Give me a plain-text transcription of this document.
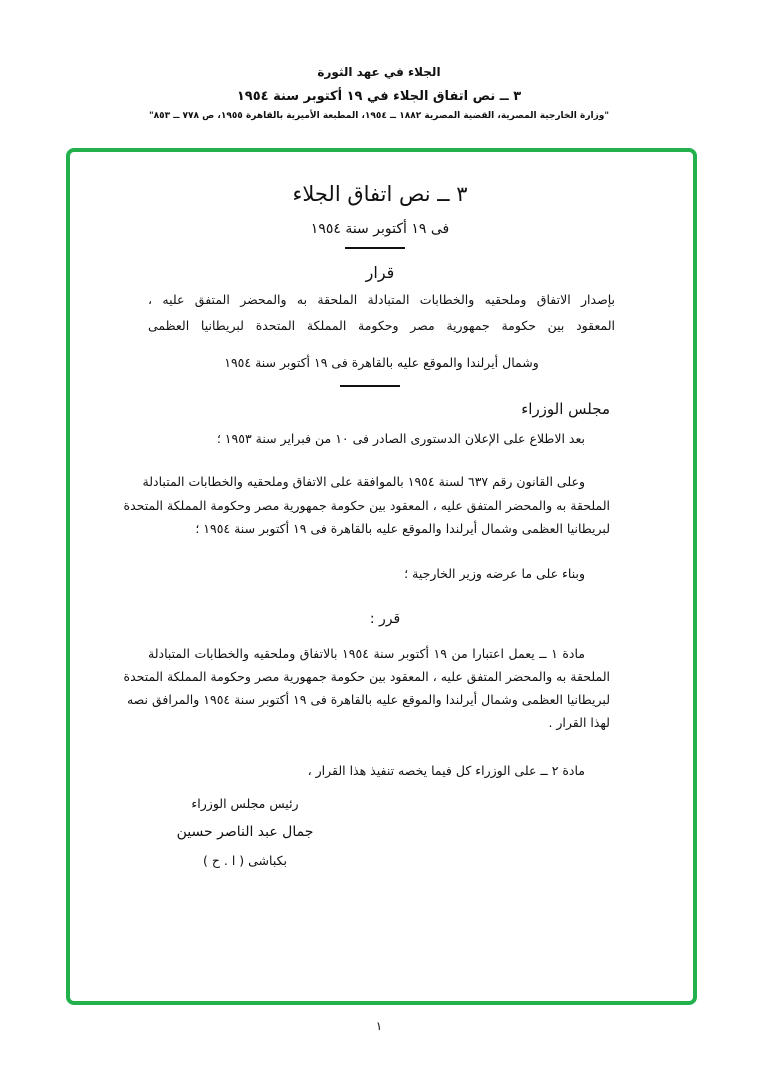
الجلاء في عهد الثورة
٣ ــ نص اتفاق الجلاء في ١٩ أكتوبر سنة ١٩٥٤
"وزارة الخارجية المصرية، القضية المصرية ١٨٨٢ ــ ١٩٥٤، المطبعة الأميرية بالقاهرة ١٩٥٥، ص ٧٧٨ ــ ٨٥٣"
٣ ــ نص اتفاق الجلاء
فى ١٩ أكتوبر سنة ١٩٥٤
قرار
بإصدار الاتفاق وملحقيه والخطابات المتبادلة الملحقة به والمحضر المتفق عليه ،
المعقود بين حكومة جمهورية مصر وحكومة المملكة المتحدة لبريطانيا العظمى
وشمال أيرلندا والموقع عليه بالقاهرة فى ١٩ أكتوبر سنة ١٩٥٤
مجلس الوزراء
بعد الاطلاع على الإعلان الدستورى الصادر فى ١٠ من فبراير سنة ١٩٥٣ ؛
وعلى القانون رقم ٦٣٧ لسنة ١٩٥٤ بالموافقة على الاتفاق وملحقيه والخطابات المتبادلة
الملحقة به والمحضر المتفق عليه ، المعقود بين حكومة جمهورية مصر وحكومة المملكة المتحدة
لبريطانيا العظمى وشمال أيرلندا والموقع عليه بالقاهرة فى ١٩ أكتوبر سنة ١٩٥٤ ؛
وبناء على ما عرضه وزير الخارجية ؛
قرر :
مادة ١ ــ يعمل اعتبارا من ١٩ أكتوبر سنة ١٩٥٤ بالاتفاق وملحقيه والخطابات المتبادلة
الملحقة به والمحضر المتفق عليه ، المعقود بين حكومة جمهورية مصر وحكومة المملكة المتحدة
لبريطانيا العظمى وشمال أيرلندا والموقع عليه بالقاهرة فى ١٩ أكتوبر سنة ١٩٥٤ والمرافق نصه
لهذا القرار .
مادة ٢ ــ على الوزراء كل فيما يخصه تنفيذ هذا القرار ،
رئيس مجلس الوزراء
جمال عبد الناصر حسين
بكباشى ( ا . ح )
١
